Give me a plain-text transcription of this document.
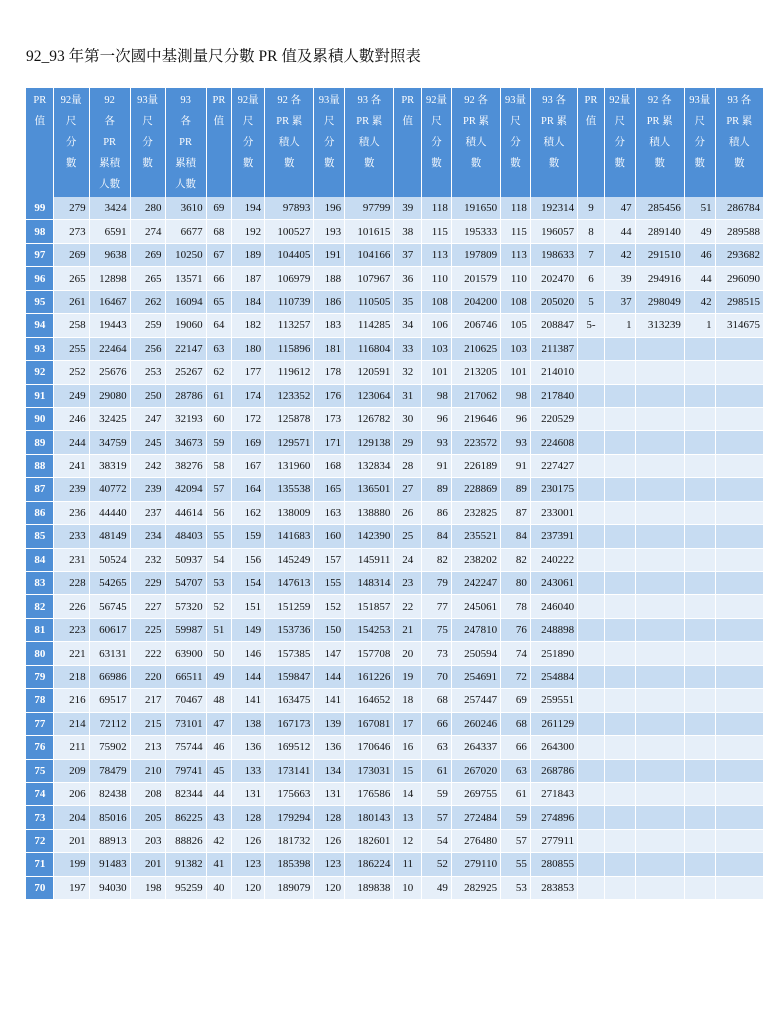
92_93 年第一次國中基測量尺分數 PR 值及累積人數對照表
PR
值	92量
尺
分
數	92
各
PR
累積
人數	93量
尺
分
數	93
各
PR
累積
人數	PR
值	92量
尺
分
數	92 各
PR 累
積人
數	93量
尺
分
數	93 各
PR 累
積人
數	PR
值	92量
尺
分
數	92 各
PR 累
積人
數	93量
尺
分
數	93 各
PR 累
積人
數	PR
值	92量
尺
分
數	92 各
PR 累
積人
數	93量
尺
分
數	93 各
PR 累
積人
數

99	279	3424	280	3610	69	194	97893	196	97799	39	118	191650	118	192314	9	47	285456	51	286784
98	273	6591	274	6677	68	192	100527	193	101615	38	115	195333	115	196057	8	44	289140	49	289588
97	269	9638	269	10250	67	189	104405	191	104166	37	113	197809	113	198633	7	42	291510	46	293682
96	265	12898	265	13571	66	187	106979	188	107967	36	110	201579	110	202470	6	39	294916	44	296090
95	261	16467	262	16094	65	184	110739	186	110505	35	108	204200	108	205020	5	37	298049	42	298515
94	258	19443	259	19060	64	182	113257	183	114285	34	106	206746	105	208847	5-	1	313239	1	314675
93	255	22464	256	22147	63	180	115896	181	116804	33	103	210625	103	211387					
92	252	25676	253	25267	62	177	119612	178	120591	32	101	213205	101	214010					
91	249	29080	250	28786	61	174	123352	176	123064	31	98	217062	98	217840					
90	246	32425	247	32193	60	172	125878	173	126782	30	96	219646	96	220529					
89	244	34759	245	34673	59	169	129571	171	129138	29	93	223572	93	224608					
88	241	38319	242	38276	58	167	131960	168	132834	28	91	226189	91	227427					
87	239	40772	239	42094	57	164	135538	165	136501	27	89	228869	89	230175					
86	236	44440	237	44614	56	162	138009	163	138880	26	86	232825	87	233001					
85	233	48149	234	48403	55	159	141683	160	142390	25	84	235521	84	237391					
84	231	50524	232	50937	54	156	145249	157	145911	24	82	238202	82	240222					
83	228	54265	229	54707	53	154	147613	155	148314	23	79	242247	80	243061					
82	226	56745	227	57320	52	151	151259	152	151857	22	77	245061	78	246040					
81	223	60617	225	59987	51	149	153736	150	154253	21	75	247810	76	248898					
80	221	63131	222	63900	50	146	157385	147	157708	20	73	250594	74	251890					
79	218	66986	220	66511	49	144	159847	144	161226	19	70	254691	72	254884					
78	216	69517	217	70467	48	141	163475	141	164652	18	68	257447	69	259551					
77	214	72112	215	73101	47	138	167173	139	167081	17	66	260246	68	261129					
76	211	75902	213	75744	46	136	169512	136	170646	16	63	264337	66	264300					
75	209	78479	210	79741	45	133	173141	134	173031	15	61	267020	63	268786					
74	206	82438	208	82344	44	131	175663	131	176586	14	59	269755	61	271843					
73	204	85016	205	86225	43	128	179294	128	180143	13	57	272484	59	274896					
72	201	88913	203	88826	42	126	181732	126	182601	12	54	276480	57	277911					
71	199	91483	201	91382	41	123	185398	123	186224	11	52	279110	55	280855					
70	197	94030	198	95259	40	120	189079	120	189838	10	49	282925	53	283853					
